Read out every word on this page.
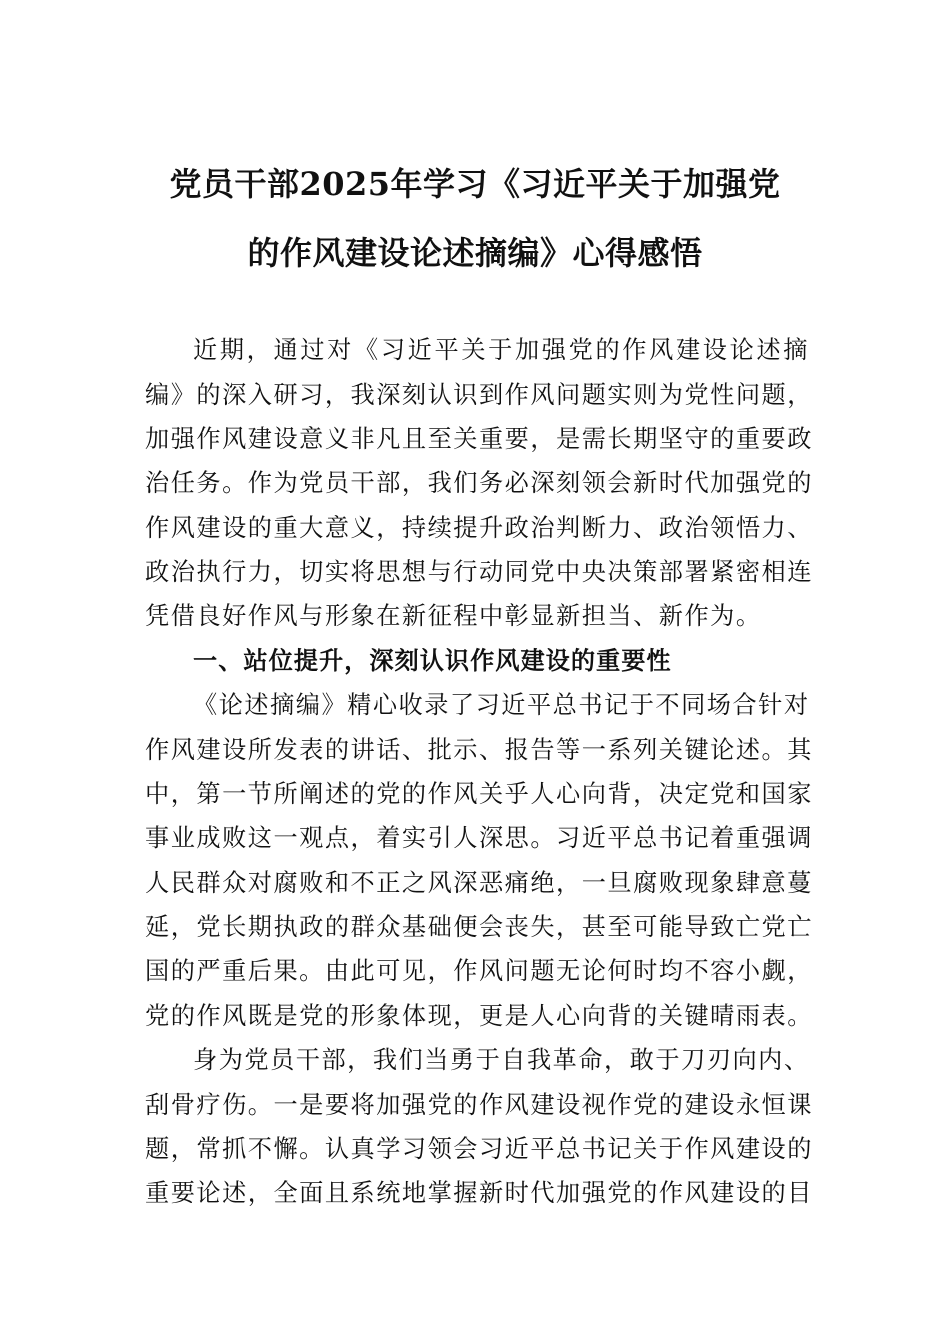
党员干部2025年学习《习近平关于加强党
的作风建设论述摘编》心得感悟

近期，通过对《习近平关于加强党的作风建设论述摘

编》的深入研习，我深刻认识到作风问题实则为党性问题，

加强作风建设意义非凡且至关重要，是需长期坚守的重要政

治任务。作为党员干部，我们务必深刻领会新时代加强党的

作风建设的重大意义，持续提升政治判断力、政治领悟力、

政治执行力，切实将思想与行动同党中央决策部署紧密相连

凭借良好作风与形象在新征程中彰显新担当、新作为。

一、站位提升，深刻认识作风建设的重要性

《论述摘编》精心收录了习近平总书记于不同场合针对

作风建设所发表的讲话、批示、报告等一系列关键论述。其

中，第一节所阐述的党的作风关乎人心向背，决定党和国家

事业成败这一观点，着实引人深思。习近平总书记着重强调

人民群众对腐败和不正之风深恶痛绝，一旦腐败现象肆意蔓

延，党长期执政的群众基础便会丧失，甚至可能导致亡党亡

国的严重后果。由此可见，作风问题无论何时均不容小觑，

党的作风既是党的形象体现，更是人心向背的关键晴雨表。

身为党员干部，我们当勇于自我革命，敢于刀刃向内、

刮骨疗伤。一是要将加强党的作风建设视作党的建设永恒课

题，常抓不懈。认真学习领会习近平总书记关于作风建设的

重要论述，全面且系统地掌握新时代加强党的作风建设的目
